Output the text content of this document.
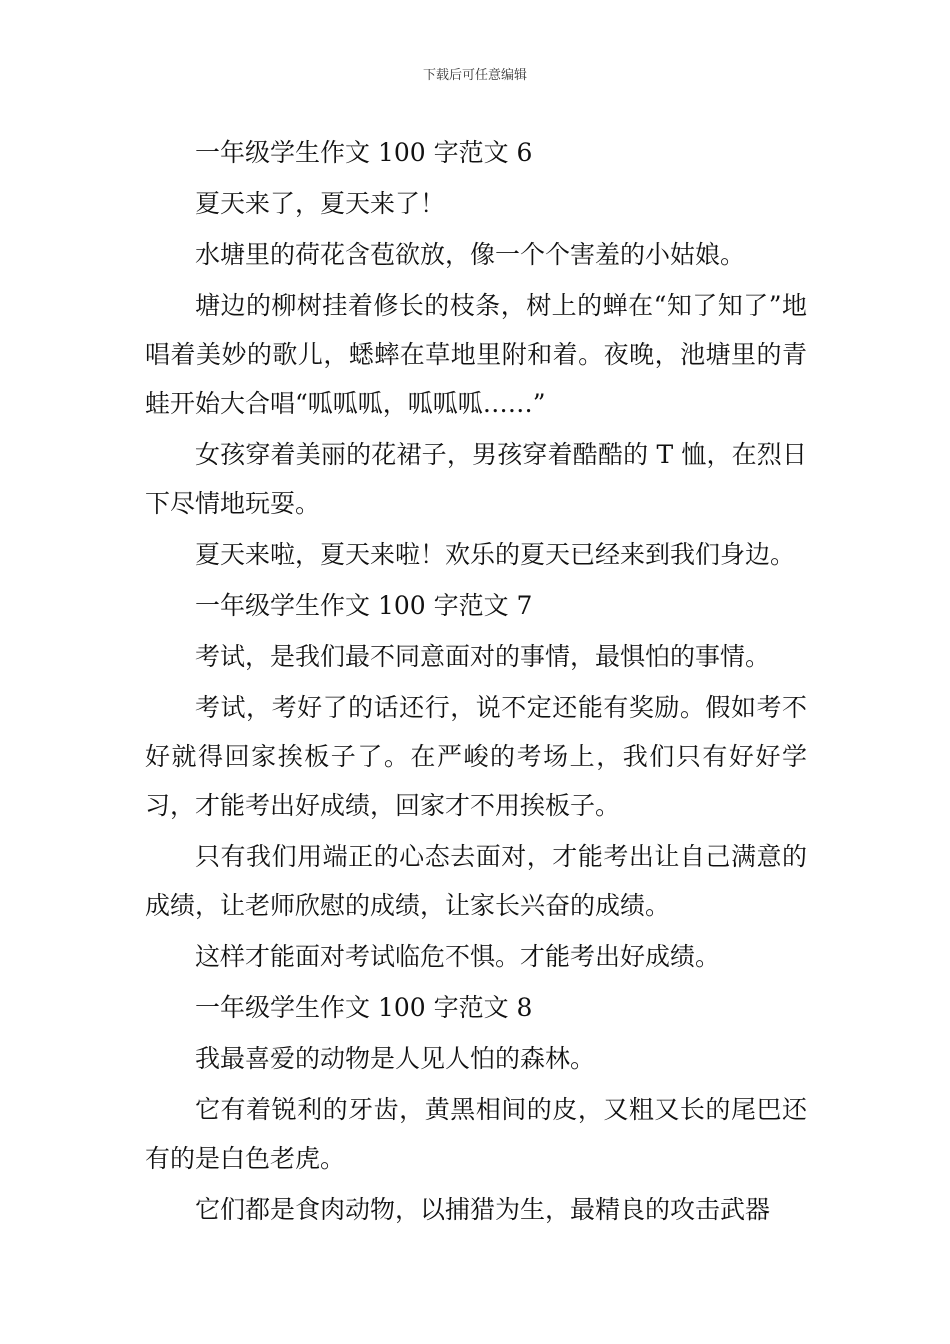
下载后可任意编辑

一年级学生作文 100 字范文 6

夏天来了，夏天来了！

水塘里的荷花含苞欲放，像一个个害羞的小姑娘。

塘边的柳树挂着修长的枝条，树上的蝉在“知了知了”地唱着美妙的歌儿，蟋蟀在草地里附和着。夜晚，池塘里的青蛙开始大合唱“呱呱呱，呱呱呱……”

女孩穿着美丽的花裙子，男孩穿着酷酷的 T 恤，在烈日下尽情地玩耍。

夏天来啦，夏天来啦！欢乐的夏天已经来到我们身边。

一年级学生作文 100 字范文 7

考试，是我们最不同意面对的事情，最惧怕的事情。

考试，考好了的话还行，说不定还能有奖励。假如考不好就得回家挨板子了。在严峻的考场上，我们只有好好学习，才能考出好成绩，回家才不用挨板子。

只有我们用端正的心态去面对，才能考出让自己满意的成绩，让老师欣慰的成绩，让家长兴奋的成绩。

这样才能面对考试临危不惧。才能考出好成绩。

一年级学生作文 100 字范文 8

我最喜爱的动物是人见人怕的森林。

它有着锐利的牙齿，黄黑相间的皮，又粗又长的尾巴还有的是白色老虎。

它们都是食肉动物，以捕猎为生，最精良的攻击武器
